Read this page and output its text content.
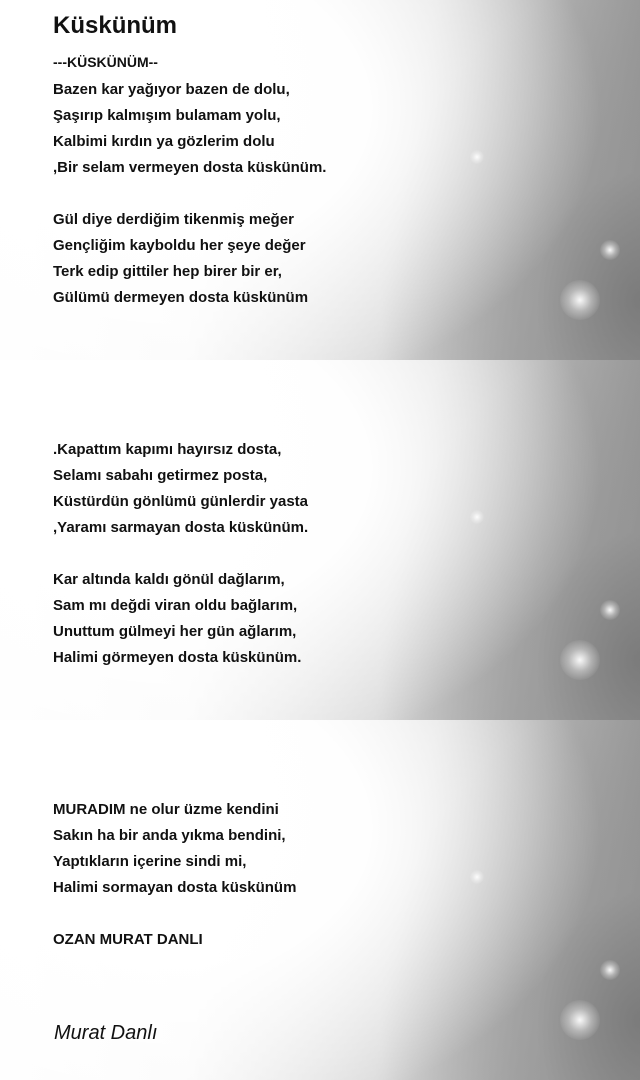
Küskünüm
---KÜSKÜNÜM--
Bazen kar yağıyor bazen de dolu,
Şaşırıp kalmışım bulamam yolu,
Kalbimi kırdın ya gözlerim dolu
,Bir selam vermeyen dosta küskünüm.
Gül diye derdiğim tikenmiş meğer
Gençliğim kayboldu her şeye değer
Terk edip gittiler hep birer bir er,
Gülümü dermeyen dosta küskünüm
.Kapattım kapımı hayırsız dosta,
Selamı sabahı getirmez posta,
Küstürdün gönlümü günlerdir yasta
,Yaramı sarmayan dosta küskünüm.
Kar altında kaldı gönül dağlarım,
Sam mı değdi viran oldu bağlarım,
Unuttum gülmeyi her gün ağlarım,
Halimi görmeyen dosta küskünüm.
MURADIM ne olur üzme kendini
Sakın ha bir anda yıkma bendini,
Yaptıkların içerine sindi mi,
Halimi sormayan dosta küskünüm
OZAN MURAT DANLI
Murat Danlı
